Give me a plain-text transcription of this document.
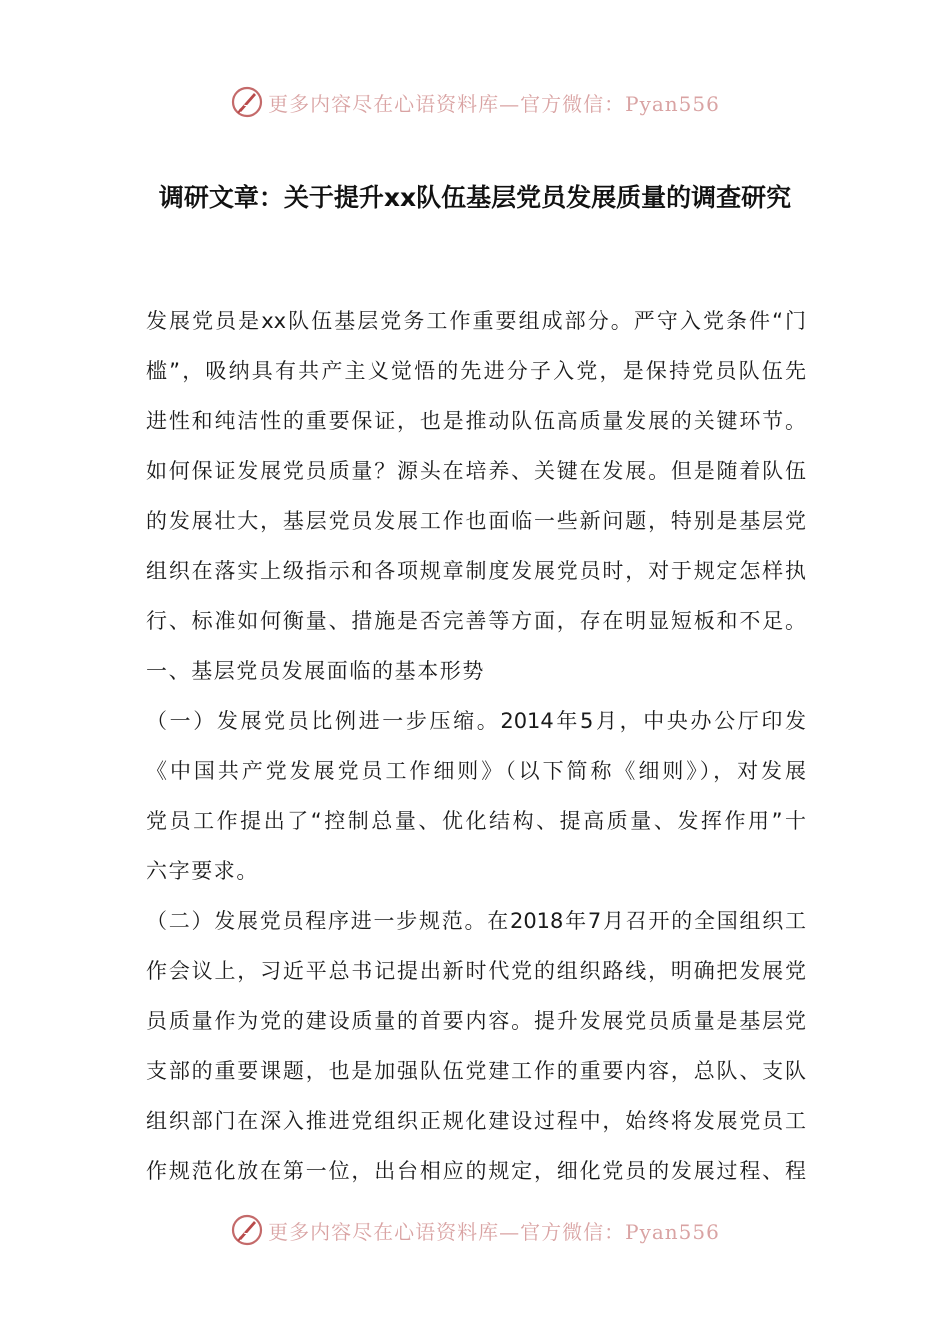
更多内容尽在心语资料库—官方微信：Pyan556
调研文章：关于提升xx队伍基层党员发展质量的调查研究
发展党员是xx队伍基层党务工作重要组成部分。严守入党条件“门
槛”，吸纳具有共产主义觉悟的先进分子入党，是保持党员队伍先
进性和纯洁性的重要保证，也是推动队伍高质量发展的关键环节。
如何保证发展党员质量？源头在培养、关键在发展。但是随着队伍
的发展壮大，基层党员发展工作也面临一些新问题，特别是基层党
组织在落实上级指示和各项规章制度发展党员时，对于规定怎样执
行、标准如何衡量、措施是否完善等方面，存在明显短板和不足。
一、基层党员发展面临的基本形势
（一）发展党员比例进一步压缩。2014年5月，中央办公厅印发
《中国共产党发展党员工作细则》（以下简称《细则》），对发展
党员工作提出了“控制总量、优化结构、提高质量、发挥作用”十
六字要求。
（二）发展党员程序进一步规范。在2018年7月召开的全国组织工
作会议上，习近平总书记提出新时代党的组织路线，明确把发展党
员质量作为党的建设质量的首要内容。提升发展党员质量是基层党
支部的重要课题，也是加强队伍党建工作的重要内容，总队、支队
组织部门在深入推进党组织正规化建设过程中，始终将发展党员工
作规范化放在第一位，出台相应的规定，细化党员的发展过程、程
更多内容尽在心语资料库—官方微信：Pyan556
